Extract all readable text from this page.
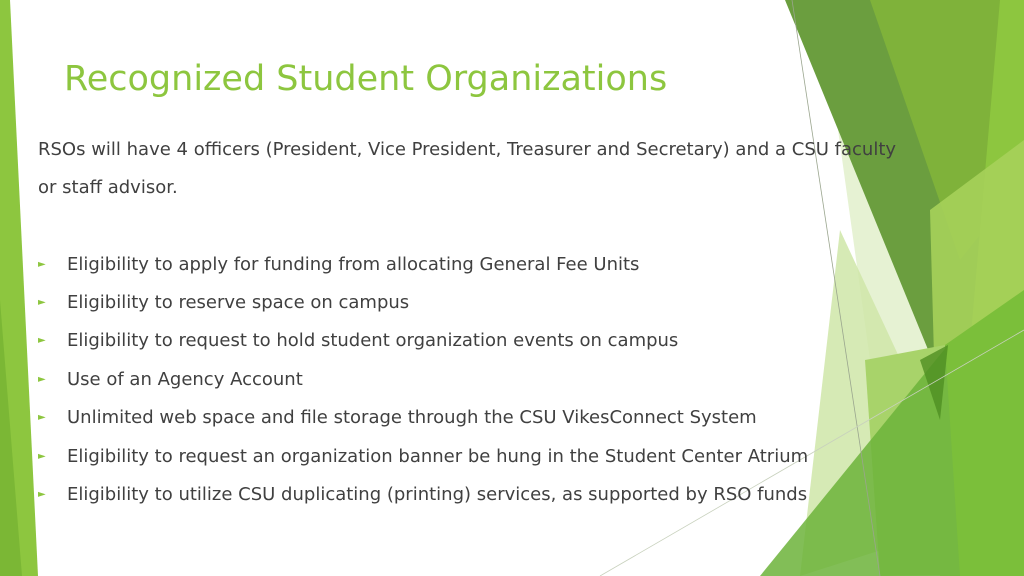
Recognized Student Organizations

RSOs will have 4 officers (President, Vice President, Treasurer and Secretary) and a CSU faculty or staff advisor.

►	Eligibility to apply for funding from allocating General Fee Units
►	Eligibility to reserve space on campus
►	Eligibility to request to hold student organization events on campus
►	Use of an Agency Account
►	Unlimited web space and file storage through the CSU VikesConnect System
►	Eligibility to request an organization banner be hung in the Student Center Atrium
►	Eligibility to utilize CSU duplicating (printing) services, as supported by RSO funds
